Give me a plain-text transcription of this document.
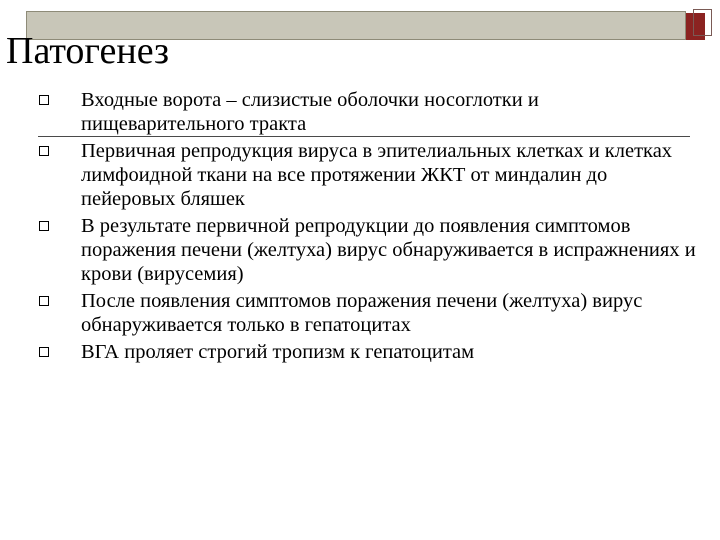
Патогенез
Входные ворота – слизистые оболочки носоглотки и пищеварительного тракта
Первичная репродукция вируса в эпителиальных клетках и клетках лимфоидной ткани на все протяжении ЖКТ от миндалин до пейеровых бляшек
В результате первичной репродукции до появления симптомов поражения печени (желтуха) вирус обнаруживается в испражнениях и крови (вирусемия)
После появления симптомов поражения печени (желтуха) вирус обнаруживается только в гепатоцитах
ВГА проляет строгий тропизм к гепатоцитам
